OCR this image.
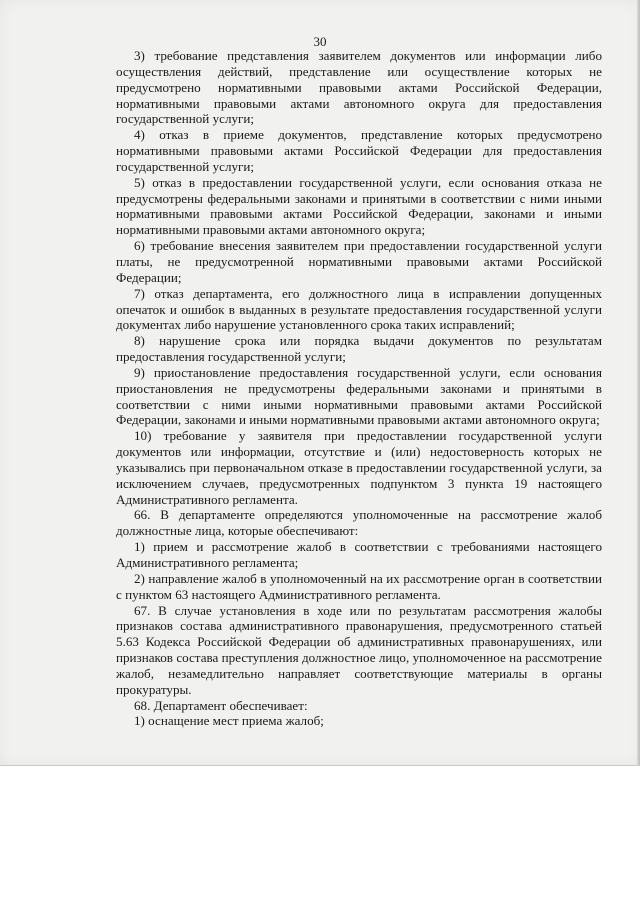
30

3) требование представления заявителем документов или информации либо осуществления действий, представление или осуществление которых не предусмотрено нормативными правовыми актами Российской Федерации, нормативными правовыми актами автономного округа для предоставления государственной услуги;

4) отказ в приеме документов, представление которых предусмотрено нормативными правовыми актами Российской Федерации для предоставления государственной услуги;

5) отказ в предоставлении государственной услуги, если основания отказа не предусмотрены федеральными законами и принятыми в соответствии с ними иными нормативными правовыми актами Российской Федерации, законами и иными нормативными правовыми актами автономного округа;

6) требование внесения заявителем при предоставлении государственной услуги платы, не предусмотренной нормативными правовыми актами Российской Федерации;

7) отказ департамента, его должностного лица в исправлении допущенных опечаток и ошибок в выданных в результате предоставления государственной услуги документах либо нарушение установленного срока таких исправлений;

8) нарушение срока или порядка выдачи документов по результатам предоставления государственной услуги;

9) приостановление предоставления государственной услуги, если основания приостановления не предусмотрены федеральными законами и принятыми в соответствии с ними иными нормативными правовыми актами Российской Федерации, законами и иными нормативными правовыми актами автономного округа;

10) требование у заявителя при предоставлении государственной услуги документов или информации, отсутствие и (или) недостоверность которых не указывались при первоначальном отказе в предоставлении государственной услуги, за исключением случаев, предусмотренных подпунктом 3 пункта 19 настоящего Административного регламента.

66. В департаменте определяются уполномоченные на рассмотрение жалоб должностные лица, которые обеспечивают:

1) прием и рассмотрение жалоб в соответствии с требованиями настоящего Административного регламента;

2) направление жалоб в уполномоченный на их рассмотрение орган в соответствии с пунктом 63 настоящего Административного регламента.

67. В случае установления в ходе или по результатам рассмотрения жалобы признаков состава административного правонарушения, предусмотренного статьей 5.63 Кодекса Российской Федерации об административных правонарушениях, или признаков состава преступления должностное лицо, уполномоченное на рассмотрение жалоб, незамедлительно направляет соответствующие материалы в органы прокуратуры.

68. Департамент обеспечивает:

1) оснащение мест приема жалоб;
